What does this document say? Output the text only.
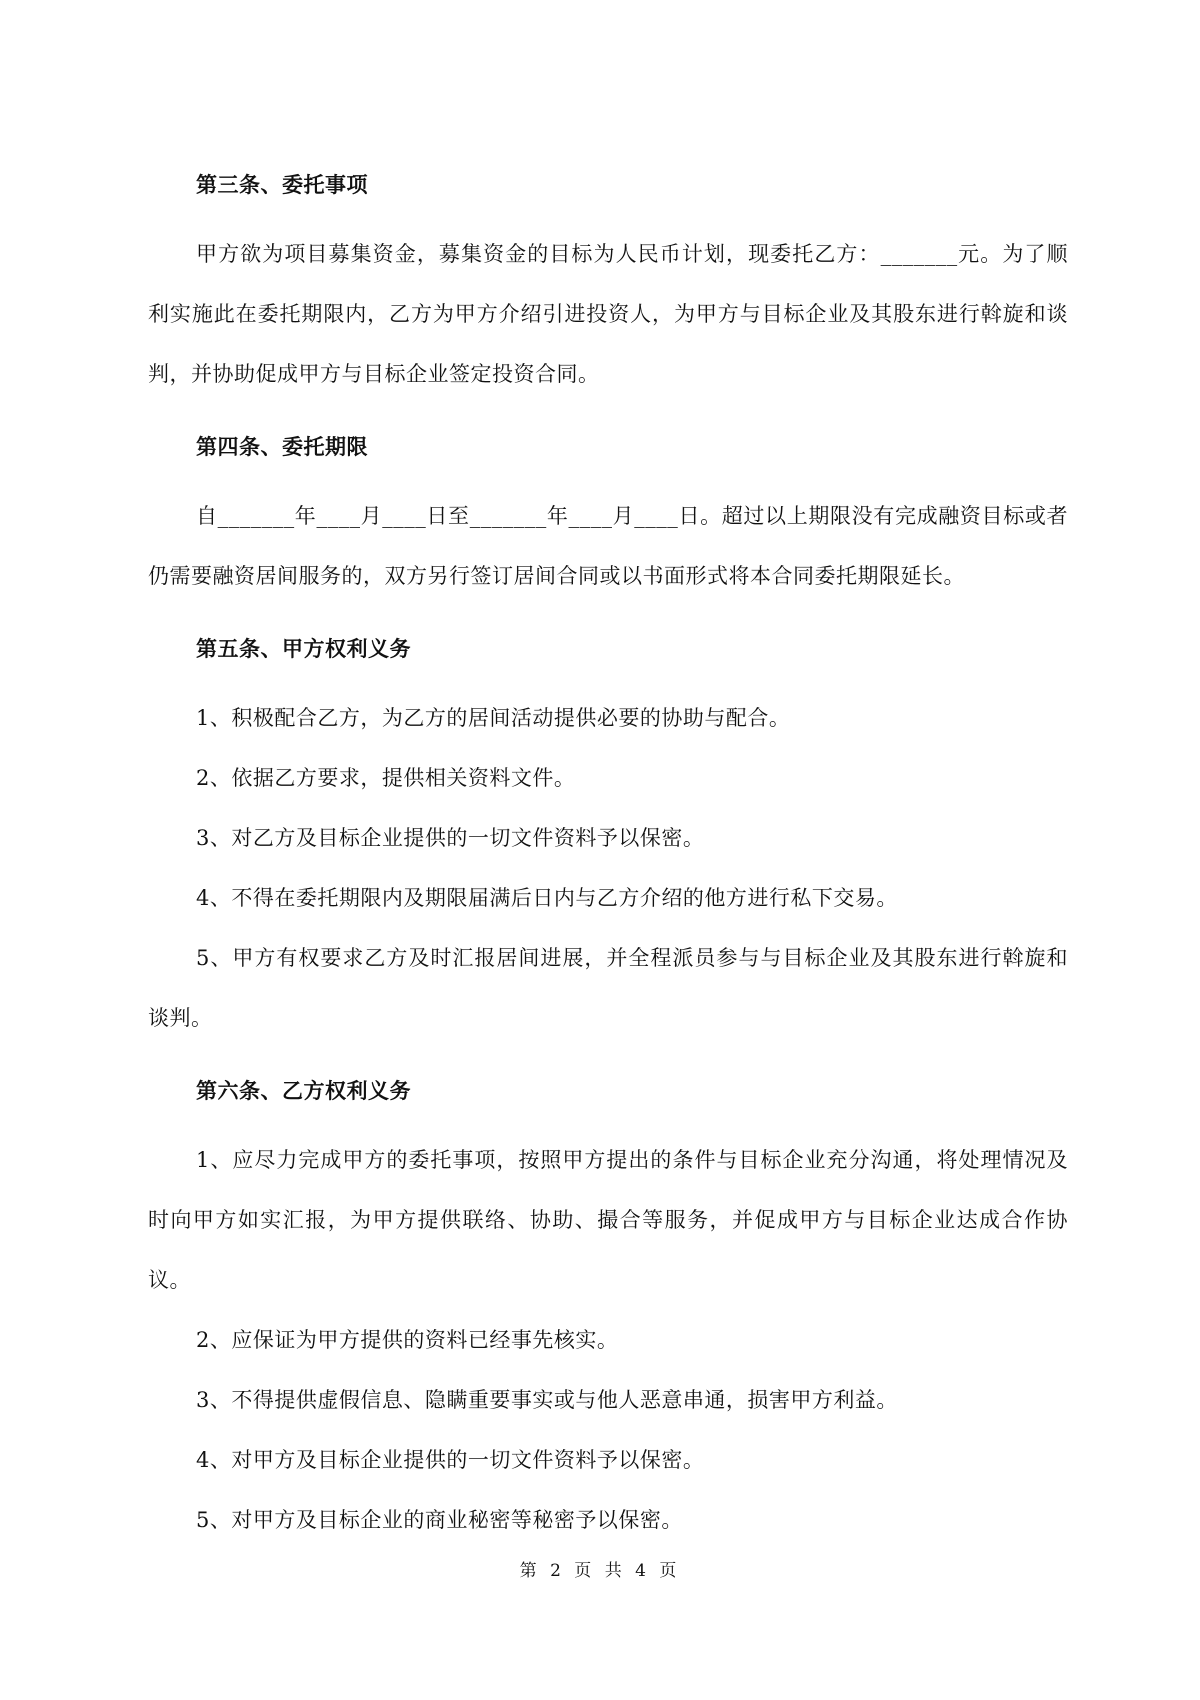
第三条、委托事项

甲方欲为项目募集资金，募集资金的目标为人民币计划，现委托乙方：_______元。为了顺利实施此在委托期限内，乙方为甲方介绍引进投资人，为甲方与目标企业及其股东进行斡旋和谈判，并协助促成甲方与目标企业签定投资合同。

第四条、委托期限

自_______年____月____日至_______年____月____日。超过以上期限没有完成融资目标或者仍需要融资居间服务的，双方另行签订居间合同或以书面形式将本合同委托期限延长。

第五条、甲方权利义务

1、积极配合乙方，为乙方的居间活动提供必要的协助与配合。

2、依据乙方要求，提供相关资料文件。

3、对乙方及目标企业提供的一切文件资料予以保密。

4、不得在委托期限内及期限届满后日内与乙方介绍的他方进行私下交易。

5、甲方有权要求乙方及时汇报居间进展，并全程派员参与与目标企业及其股东进行斡旋和谈判。

第六条、乙方权利义务

1、应尽力完成甲方的委托事项，按照甲方提出的条件与目标企业充分沟通，将处理情况及时向甲方如实汇报，为甲方提供联络、协助、撮合等服务，并促成甲方与目标企业达成合作协议。

2、应保证为甲方提供的资料已经事先核实。

3、不得提供虚假信息、隐瞒重要事实或与他人恶意串通，损害甲方利益。

4、对甲方及目标企业提供的一切文件资料予以保密。

5、对甲方及目标企业的商业秘密等秘密予以保密。

第 2 页 共 4 页
